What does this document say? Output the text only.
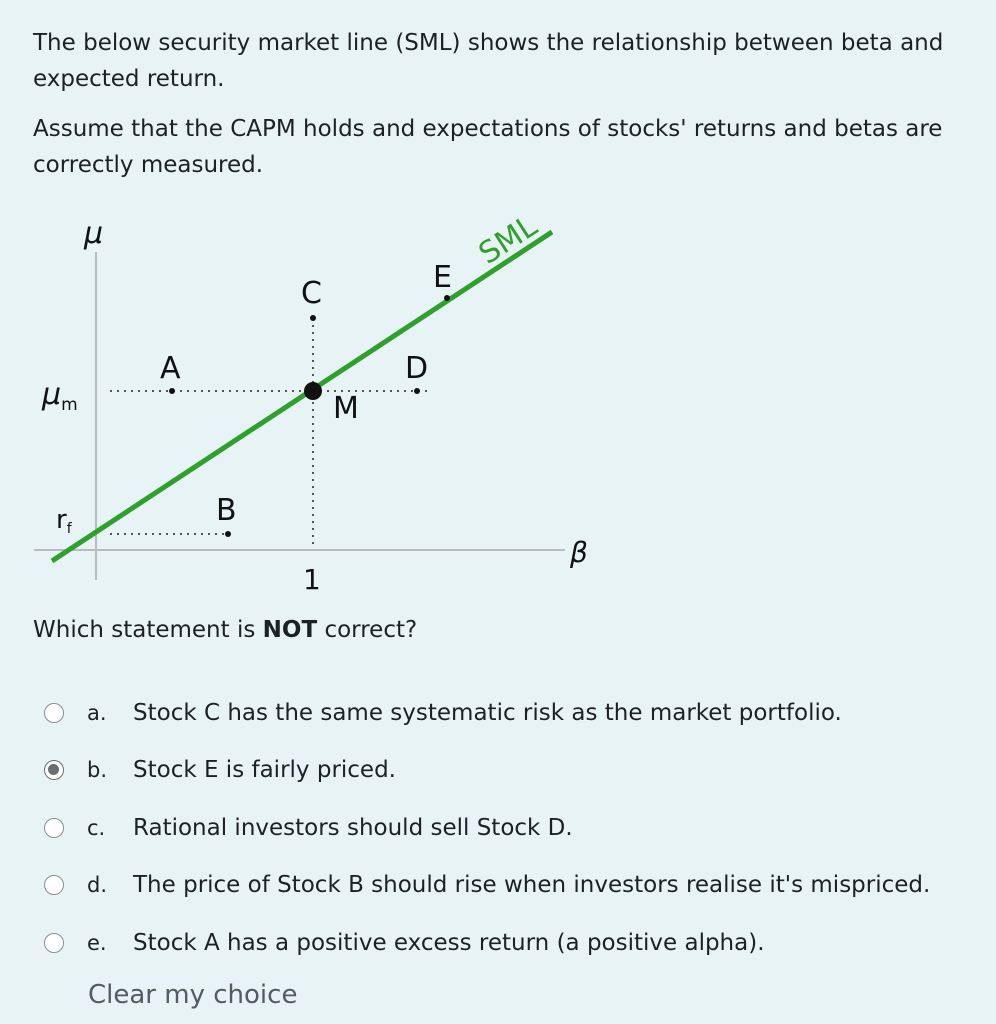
The below security market line (SML) shows the relationship between beta and expected return.

Assume that the CAPM holds and expectations of stocks' returns and betas are correctly measured.

μ
β
$\mu_m$
rf
1
SML
M
A
B
C
D
E
Which statement is NOT correct?
a. Stock C has the same systematic risk as the market portfolio.
b. Stock E is fairly priced.
c. Rational investors should sell Stock D.
d. The price of Stock B should rise when investors realise it's mispriced.
e. Stock A has a positive excess return (a positive alpha).
Clear my choice
